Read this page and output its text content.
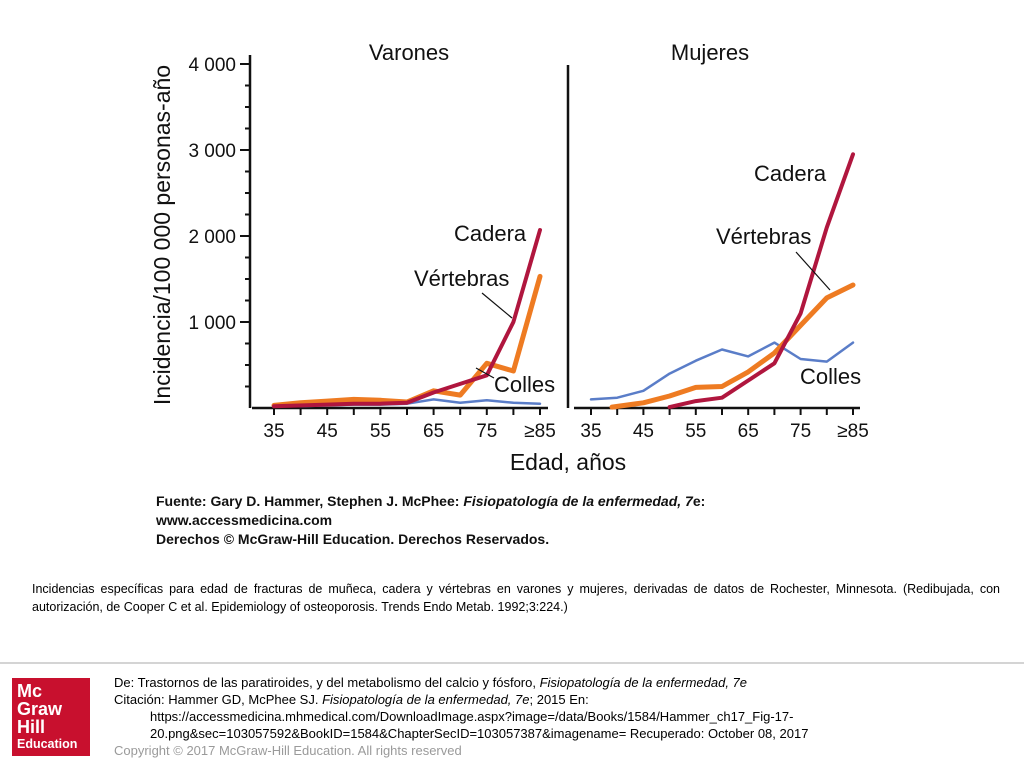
Incidencia/100 000 personas-año
Edad, años
Varones	Mujeres
1 000
2 000
3 000
4 000
35 45 55 65 75 ≥85 35 45 55 65 75 ≥85
Cadera
Vértebras
Colles
Cadera
Vértebras
Colles
Fuente: Gary D. Hammer, Stephen J. McPhee: Fisiopatología de la enfermedad, 7e:
www.accessmedicina.com
Derechos © McGraw-Hill Education. Derechos Reservados.
Incidencias específicas para edad de fracturas de muñeca, cadera y vértebras en varones y mujeres, derivadas de datos de Rochester, Minnesota. (Redibujada, con autorización, de Cooper C et al. Epidemiology of osteoporosis. Trends Endo Metab. 1992;3:224.)
Mc
Graw
Hill
Education
De: Trastornos de las paratiroides, y del metabolismo del calcio y fósforo, Fisiopatología de la enfermedad, 7e
Citación: Hammer GD, McPhee SJ. Fisiopatología de la enfermedad, 7e; 2015 En:
https://accessmedicina.mhmedical.com/DownloadImage.aspx?image=/data/Books/1584/Hammer_ch17_Fig-17-
20.png&sec=103057592&BookID=1584&ChapterSecID=103057387&imagename= Recuperado: October 08, 2017
Copyright © 2017 McGraw-Hill Education. All rights reserved
